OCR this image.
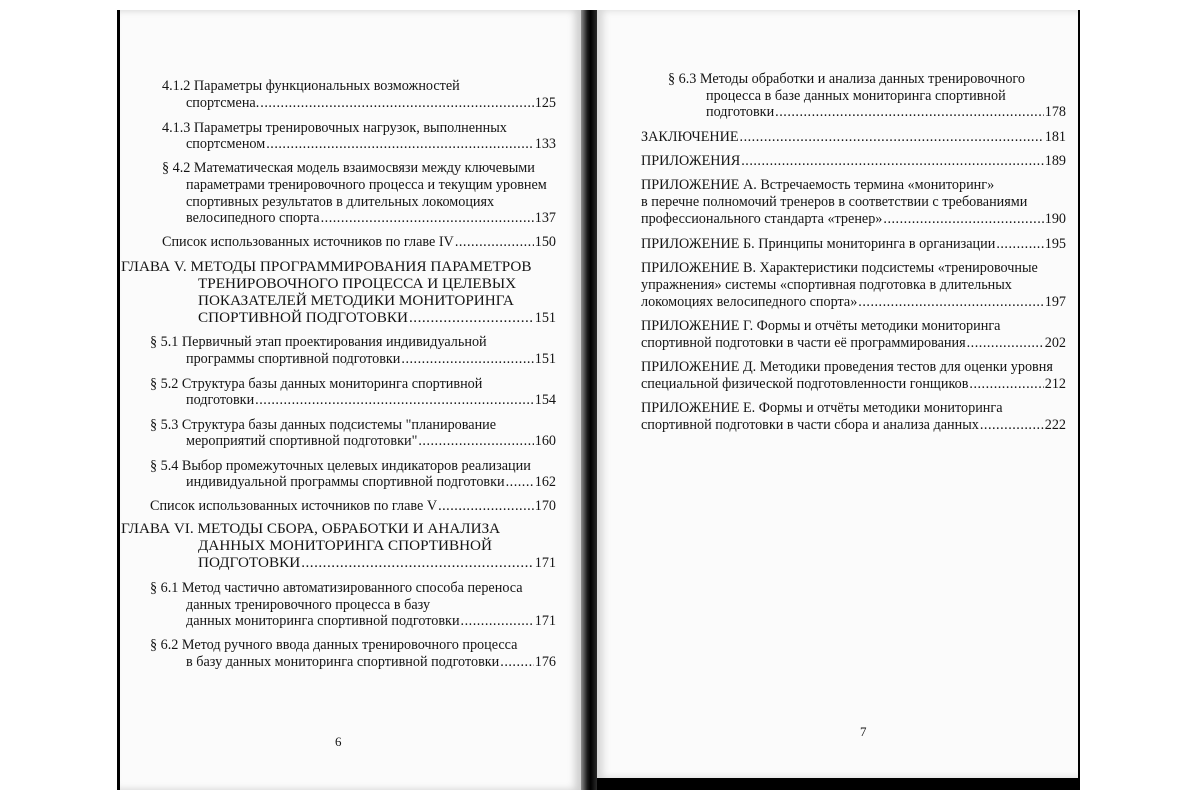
4.1.2 Параметры функциональных возможностей
спортсмена. .....	125
4.1.3 Параметры тренировочных нагрузок, выполненных
спортсменом .....	133
§ 4.2 Математическая модель взаимосвязи между ключевыми
параметрами тренировочного процесса и текущим уровнем
спортивных результатов в длительных локомоциях
велосипедного спорта .....	137
Список использованных источников по главе IV .....	150
ГЛАВА V. МЕТОДЫ ПРОГРАММИРОВАНИЯ ПАРАМЕТРОВ
ТРЕНИРОВОЧНОГО ПРОЦЕССА И ЦЕЛЕВЫХ
ПОКАЗАТЕЛЕЙ МЕТОДИКИ МОНИТОРИНГА
СПОРТИВНОЙ ПОДГОТОВКИ .....	151
§ 5.1 Первичный этап проектирования индивидуальной
программы спортивной подготовки .....	151
§ 5.2 Структура базы данных мониторинга спортивной
подготовки .....	154
§ 5.3 Структура базы данных подсистемы "планирование
мероприятий спортивной подготовки" .....	160
§ 5.4 Выбор промежуточных целевых индикаторов реализации
индивидуальной программы спортивной подготовки ..... 162
Список использованных источников по главе V .....	170
ГЛАВА VI. МЕТОДЫ СБОРА, ОБРАБОТКИ И АНАЛИЗА
ДАННЫХ МОНИТОРИНГА СПОРТИВНОЙ
ПОДГОТОВКИ .....	171
§ 6.1 Метод частично автоматизированного способа переноса
данных тренировочного процесса в базу
данных мониторинга спортивной подготовки .....	171
§ 6.2 Метод ручного ввода данных тренировочного процесса
в базу данных мониторинга спортивной подготовки ..... 176
6
§ 6.3 Методы обработки и анализа данных тренировочного
процесса в базе данных мониторинга спортивной
подготовки .....	178
ЗАКЛЮЧЕНИЕ .....	181
ПРИЛОЖЕНИЯ .....	189
ПРИЛОЖЕНИЕ А. Встречаемость термина «мониторинг»
в перечне полномочий тренеров в соответствии с требованиями
профессионального стандарта «тренер» .....	190
ПРИЛОЖЕНИЕ Б. Принципы мониторинга в организации .....	195
ПРИЛОЖЕНИЕ В. Характеристики подсистемы «тренировочные
упражнения» системы «спортивная подготовка в длительных
локомоциях велосипедного спорта» .....	197
ПРИЛОЖЕНИЕ Г. Формы и отчёты методики мониторинга
спортивной подготовки в части её программирования .....	202
ПРИЛОЖЕНИЕ Д. Методики проведения тестов для оценки уровня
специальной физической подготовленности гонщиков .....	212
ПРИЛОЖЕНИЕ Е. Формы и отчёты методики мониторинга
спортивной подготовки в части сбора и анализа данных .....	222
7
